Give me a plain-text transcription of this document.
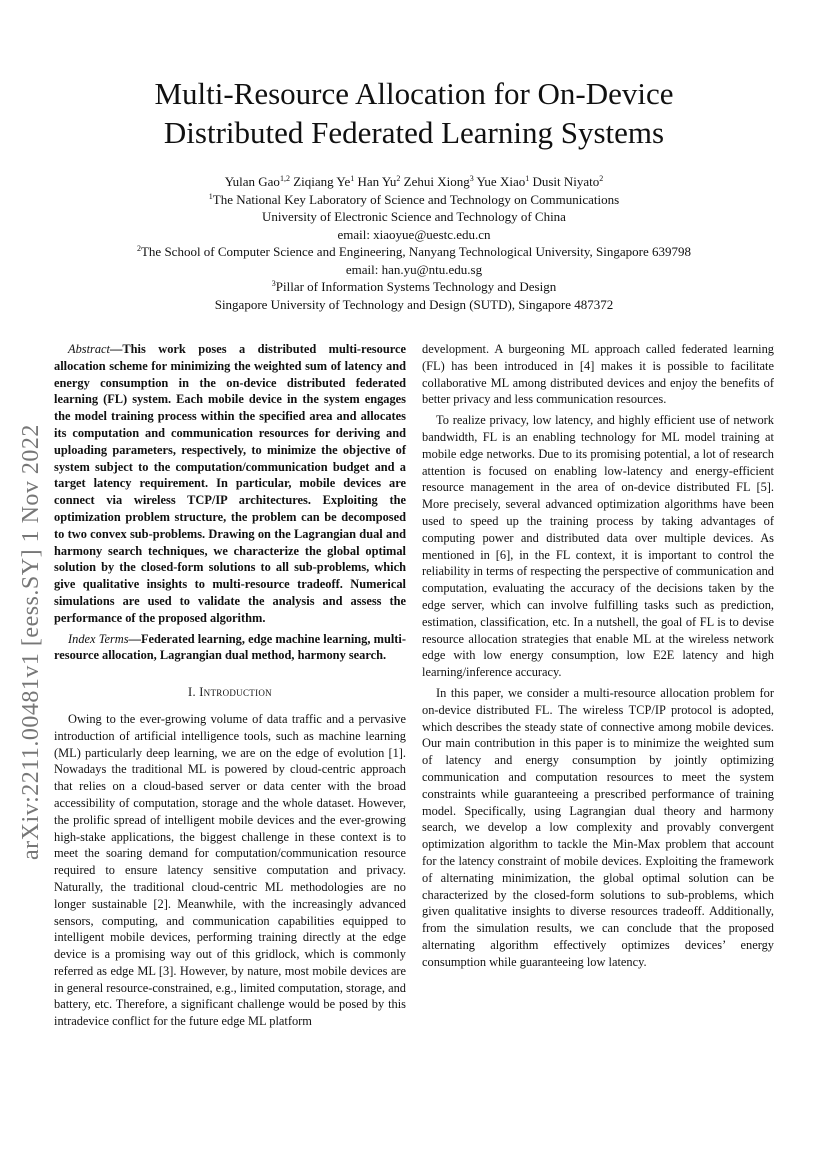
Multi-Resource Allocation for On-Device
Distributed Federated Learning Systems
Yulan Gao$^{1,2}$ Ziqiang Ye$^1$ Han Yu$^2$ Zehui Xiong$^3$ Yue Xiao$^1$ Dusit Niyato$^2$
$^1$The National Key Laboratory of Science and Technology on Communications
University of Electronic Science and Technology of China
email: xiaoyue@uestc.edu.cn
$^2$The School of Computer Science and Engineering, Nanyang Technological University, Singapore 639798
email: han.yu@ntu.edu.sg
$^3$Pillar of Information Systems Technology and Design
Singapore University of Technology and Design (SUTD), Singapore 487372
arXiv:2211.00481v1 [eess.SY] 1 Nov 2022

Abstract—This work poses a distributed multi-resource allocation scheme for minimizing the weighted sum of latency and energy consumption in the on-device distributed federated learning (FL) system. Each mobile device in the system engages the model training process within the specified area and allocates its computation and communication resources for deriving and uploading parameters, respectively, to minimize the objective of system subject to the computation/communication budget and a target latency requirement. In particular, mobile devices are connect via wireless TCP/IP architectures. Exploiting the optimization problem structure, the problem can be decomposed to two convex sub-problems. Drawing on the Lagrangian dual and harmony search techniques, we characterize the global optimal solution by the closed-form solutions to all sub-problems, which give qualitative insights to multi-resource tradeoff. Numerical simulations are used to validate the analysis and assess the performance of the proposed algorithm.

Index Terms—Federated learning, edge machine learning, multi-resource allocation, Lagrangian dual method, harmony search.

I. Introduction

Owing to the ever-growing volume of data traffic and a pervasive introduction of artificial intelligence tools, such as machine learning (ML) particularly deep learning, we are on the edge of evolution [1]. Nowadays the traditional ML is powered by cloud-centric approach that relies on a cloud-based server or data center with the broad accessibility of computation, storage and the whole dataset. However, the prolific spread of intelligent mobile devices and the ever-growing high-stake applications, the biggest challenge in these context is to meet the soaring demand for computation/communication resource required to ensure latency sensitive computation and privacy. Naturally, the traditional cloud-centric ML methodologies are no longer sustainable [2]. Meanwhile, with the increasingly advanced sensors, computing, and communication capabilities equipped to intelligent mobile devices, performing training directly at the edge device is a promising way out of this gridlock, which is commonly referred as edge ML [3]. However, by nature, most mobile devices are in general resource-constrained, e.g., limited computation, storage, and battery, etc. Therefore, a significant challenge would be posed by this intradevice conflict for the future edge ML platform

development. A burgeoning ML approach called federated learning (FL) has been introduced in [4] makes it is possible to facilitate collaborative ML among distributed devices and enjoy the benefits of better privacy and less communication resources.

To realize privacy, low latency, and highly efficient use of network bandwidth, FL is an enabling technology for ML model training at mobile edge networks. Due to its promising potential, a lot of research attention is focused on enabling low-latency and energy-efficient resource management in the area of on-device distributed FL [5]. More precisely, several advanced optimization algorithms have been used to speed up the training process by taking advantages of computing power and distributed data over multiple devices. As mentioned in [6], in the FL context, it is important to control the reliability in terms of respecting the perspective of communication and computation, evaluating the accuracy of the decisions taken by the edge server, which can involve fulfilling tasks such as prediction, estimation, classification, etc. In a nutshell, the goal of FL is to devise resource allocation strategies that enable ML at the wireless network edge with low energy consumption, low E2E latency and high learning/inference accuracy.

In this paper, we consider a multi-resource allocation problem for on-device distributed FL. The wireless TCP/IP protocol is adopted, which describes the steady state of connective among mobile devices. Our main contribution in this paper is to minimize the weighted sum of latency and energy consumption by jointly optimizing communication and computation resources to meet the system constraints while guaranteeing a prescribed performance of training model. Specifically, using Lagrangian dual theory and harmony search, we develop a low complexity and provably convergent optimization algorithm to tackle the Min-Max problem that account for the latency constraint of mobile devices. Exploiting the framework of alternating minimization, the global optimal solution can be characterized by the closed-form solutions to sub-problems, which given qualitative insights to diverse resources tradeoff. Additionally, from the simulation results, we can conclude that the proposed alternating algorithm effectively optimizes devices’ energy consumption while guaranteeing low latency.
